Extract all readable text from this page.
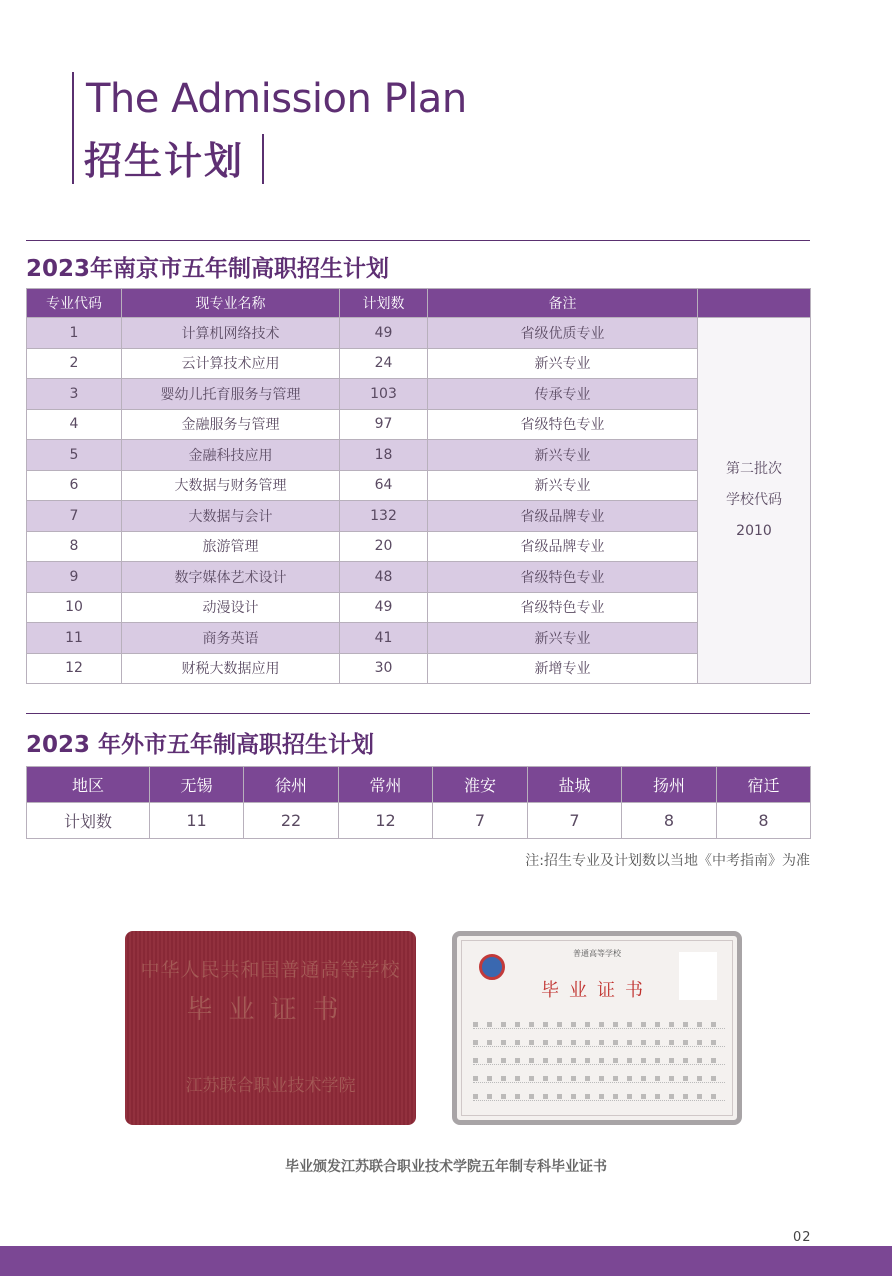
The Admission Plan
招生计划
2023年南京市五年制高职招生计划
专业代码	现专业名称	计划数	备注	
1	计算机网络技术	49	省级优质专业	第二批次
学校代码
2010

2	云计算技术应用	24	新兴专业	
3	婴幼儿托育服务与管理	103	传承专业	
4	金融服务与管理	97	省级特色专业	
5	金融科技应用	18	新兴专业	
6	大数据与财务管理	64	新兴专业	
7	大数据与会计	132	省级品牌专业	
8	旅游管理	20	省级品牌专业	
9	数字媒体艺术设计	48	省级特色专业	
10	动漫设计	49	省级特色专业	
11	商务英语	41	新兴专业	
12	财税大数据应用	30	新增专业	
2023 年外市五年制高职招生计划
地区	无锡	徐州	常州	淮安	盐城	扬州	宿迁
计划数	11	22	12	7	7	8	8
注:招生专业及计划数以当地《中考指南》为准
中华人民共和国普通高等学校
毕业证书
江苏联合职业技术学院
普通高等学校
毕业证书
毕业颁发江苏联合职业技术学院五年制专科毕业证书
02
